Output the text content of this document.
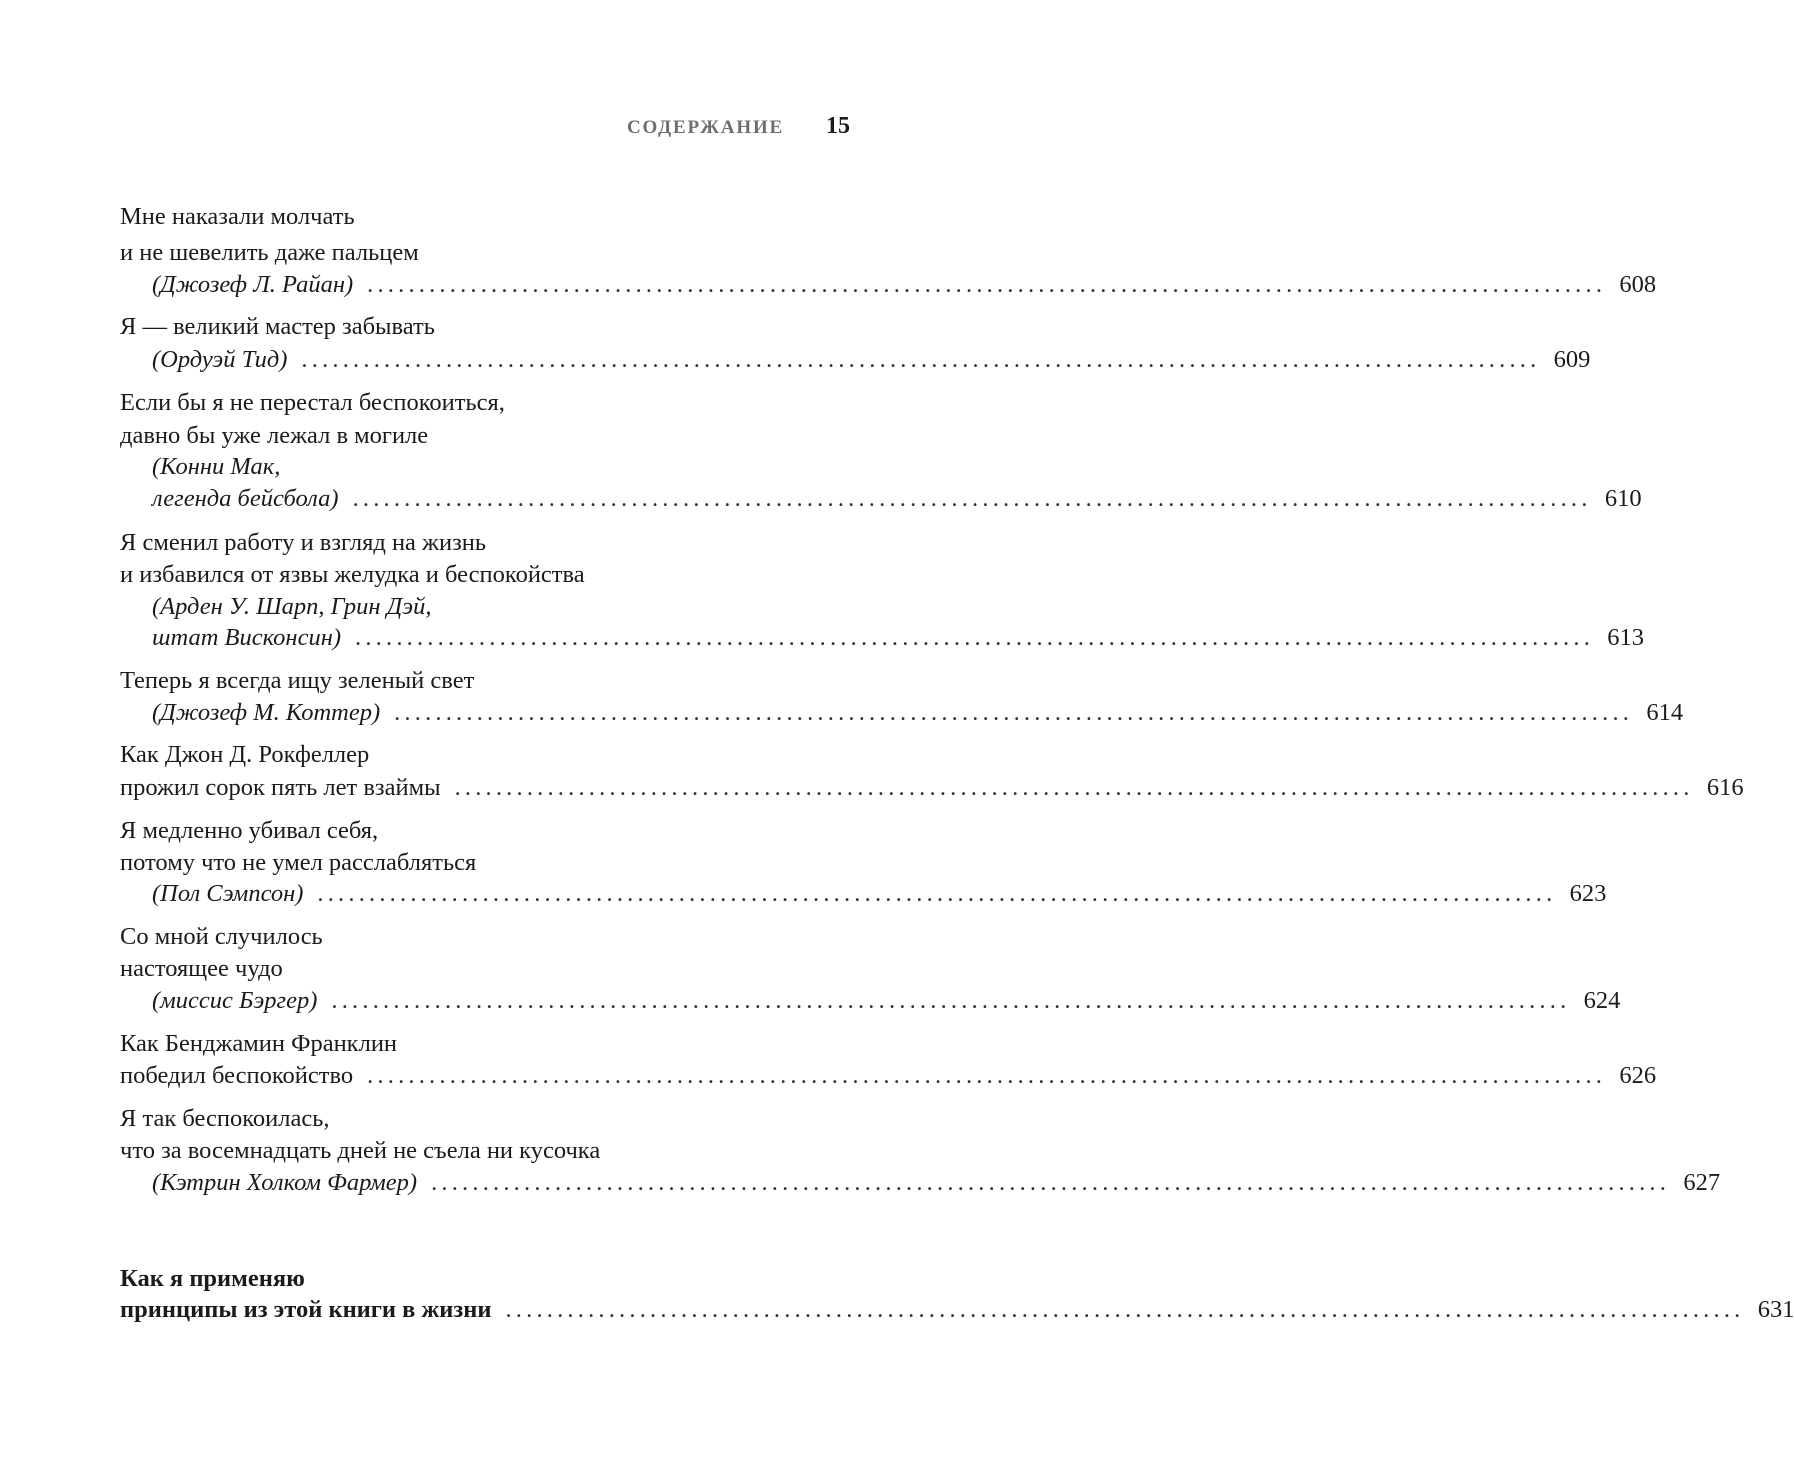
СОДЕРЖАНИЕ 15
Мне наказали молчать
и не шевелить даже пальцем
(Джозеф Л. Райан) ........................................................................................................................ 608
Я — великий мастер забывать
(Ордуэй Тид) ........................................................................................................................ 609
Если бы я не перестал беспокоиться,
давно бы уже лежал в могиле
(Конни Мак,
легенда бейсбола) ........................................................................................................................ 610
Я сменил работу и взгляд на жизнь
и избавился от язвы желудка и беспокойства
(Арден У. Шарп, Грин Дэй,
штат Висконсин) ........................................................................................................................ 613
Теперь я всегда ищу зеленый свет
(Джозеф М. Коттер) ........................................................................................................................ 614
Как Джон Д. Рокфеллер
прожил сорок пять лет взаймы ........................................................................................................................ 616
Я медленно убивал себя,
потому что не умел расслабляться
(Пол Сэмпсон) ........................................................................................................................ 623
Со мной случилось
настоящее чудо
(миссис Бэргер) ........................................................................................................................ 624
Как Бенджамин Франклин
победил беспокойство ........................................................................................................................ 626
Я так беспокоилась,
что за восемнадцать дней не съела ни кусочка
(Кэтрин Холком Фармер) ........................................................................................................................ 627
Как я применяю
принципы из этой книги в жизни ........................................................................................................................ 631
